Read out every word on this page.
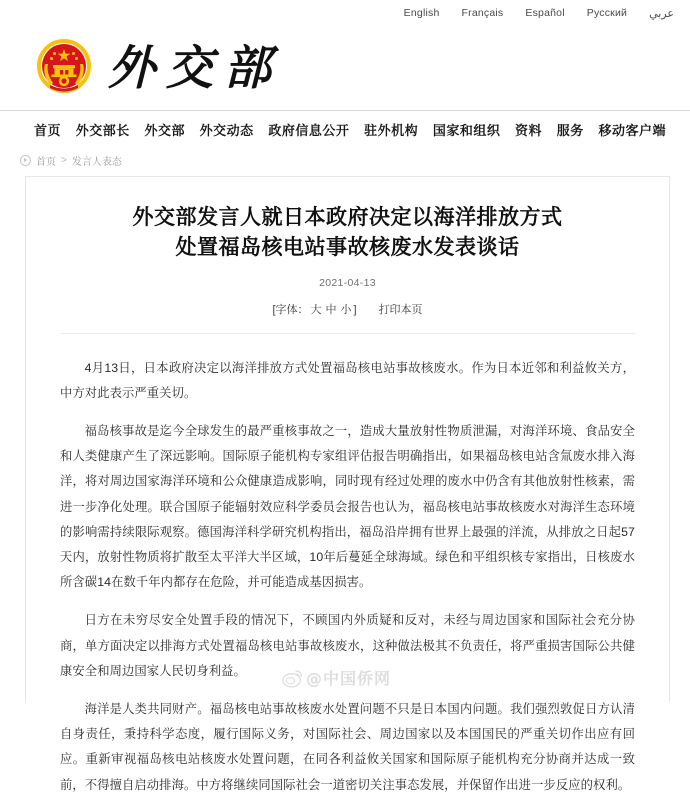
English Français Español Русский عربي
外 交 部
首页 外交部长 外交部 外交动态 政府信息公开 驻外机构 国家和组织 资料 服务 移动客户端
首页 > 发言人表态
外交部发言人就日本政府决定以海洋排放方式
处置福岛核电站事故核废水发表谈话
2021-04-13
[字体： 大 中 小 ] 打印本页

4月13日，日本政府决定以海洋排放方式处置福岛核电站事故核废水。作为日本近邻和利益攸关方，中方对此表示严重关切。

福岛核事故是迄今全球发生的最严重核事故之一，造成大量放射性物质泄漏，对海洋环境、食品安全和人类健康产生了深远影响。国际原子能机构专家组评估报告明确指出，如果福岛核电站含氚废水排入海洋，将对周边国家海洋环境和公众健康造成影响，同时现有经过处理的废水中仍含有其他放射性核素，需进一步净化处理。联合国原子能辐射效应科学委员会报告也认为，福岛核电站事故核废水对海洋生态环境的影响需持续限际观察。德国海洋科学研究机构指出，福岛沿岸拥有世界上最强的洋流，从排放之日起57天内，放射性物质将扩散至太平洋大半区域，10年后蔓延全球海域。绿色和平组织核专家指出，日核废水所含碳14在数千年内都存在危险，并可能造成基因损害。

日方在未穷尽安全处置手段的情况下，不顾国内外质疑和反对，未经与周边国家和国际社会充分协商，单方面决定以排海方式处置福岛核电站事故核废水，这种做法极其不负责任，将严重损害国际公共健康安全和周边国家人民切身利益。

海洋是人类共同财产。福岛核电站事故核废水处置问题不只是日本国内问题。我们强烈敦促日方认清自身责任，秉持科学态度，履行国际义务，对国际社会、周边国家以及本国国民的严重关切作出应有回应。重新审视福岛核电站核废水处置问题，在同各利益攸关国家和国际原子能机构充分协商并达成一致前，不得擅自启动排海。中方将继续同国际社会一道密切关注事态发展，并保留作出进一步反应的权利。

@中国侨网
